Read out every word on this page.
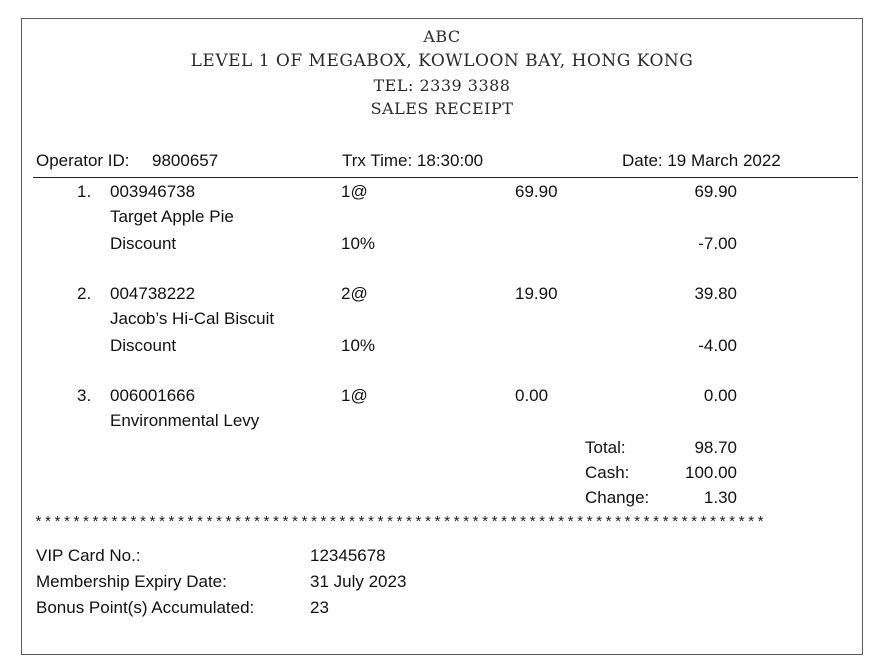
ABC
LEVEL 1 OF MEGABOX, KOWLOON BAY, HONG KONG
TEL: 2339 3388
SALES RECEIPT
Operator ID: 9800657	Trx Time: 18:30:00	Date: 19 March 2022
1. 003946738	1@	69.90	69.90
Target Apple Pie
Discount	10%	-7.00
2. 004738222	2@	19.90	39.80
Jacob’s Hi-Cal Biscuit
Discount	10%	-4.00
3. 006001666	1@	0.00	0.00
Environmental Levy
Total:	98.70
Cash:	100.00
Change:	1.30
*****************************************************************************
VIP Card No.:	12345678
Membership Expiry Date:	31 July 2023
Bonus Point(s) Accumulated:	23
